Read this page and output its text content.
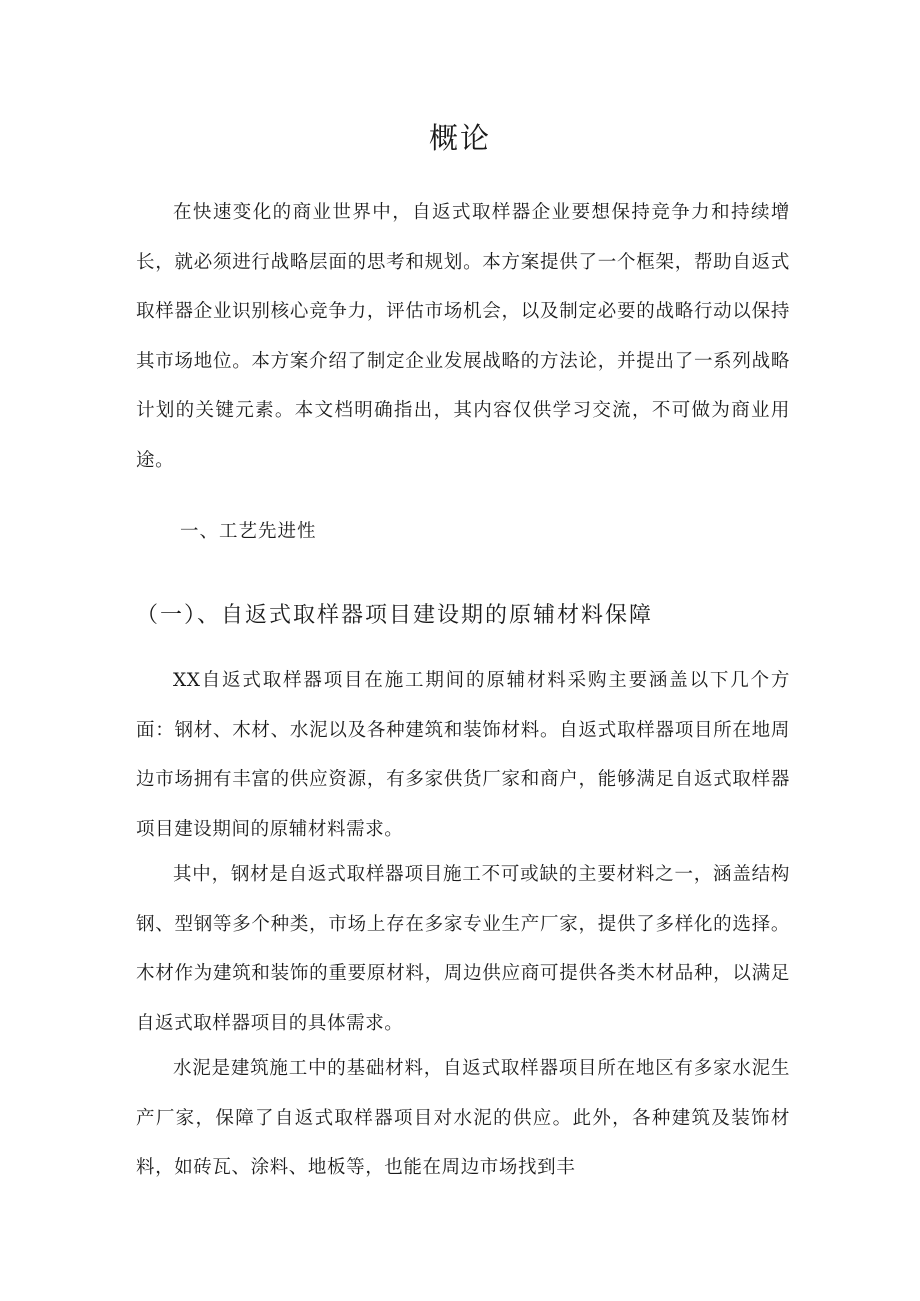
概论

在快速变化的商业世界中，自返式取样器企业要想保持竞争力和持续增长，就必须进行战略层面的思考和规划。本方案提供了一个框架，帮助自返式取样器企业识别核心竞争力，评估市场机会，以及制定必要的战略行动以保持其市场地位。本方案介绍了制定企业发展战略的方法论，并提出了一系列战略计划的关键元素。本文档明确指出，其内容仅供学习交流，不可做为商业用途。

一、工艺先进性
（一）、自返式取样器项目建设期的原辅材料保障

XX自返式取样器项目在施工期间的原辅材料采购主要涵盖以下几个方面：钢材、木材、水泥以及各种建筑和装饰材料。自返式取样器项目所在地周边市场拥有丰富的供应资源，有多家供货厂家和商户，能够满足自返式取样器项目建设期间的原辅材料需求。

其中，钢材是自返式取样器项目施工不可或缺的主要材料之一，涵盖结构钢、型钢等多个种类，市场上存在多家专业生产厂家，提供了多样化的选择。木材作为建筑和装饰的重要原材料，周边供应商可提供各类木材品种，以满足自返式取样器项目的具体需求。

水泥是建筑施工中的基础材料，自返式取样器项目所在地区有多家水泥生产厂家，保障了自返式取样器项目对水泥的供应。此外，各种建筑及装饰材料，如砖瓦、涂料、地板等，也能在周边市场找到丰
